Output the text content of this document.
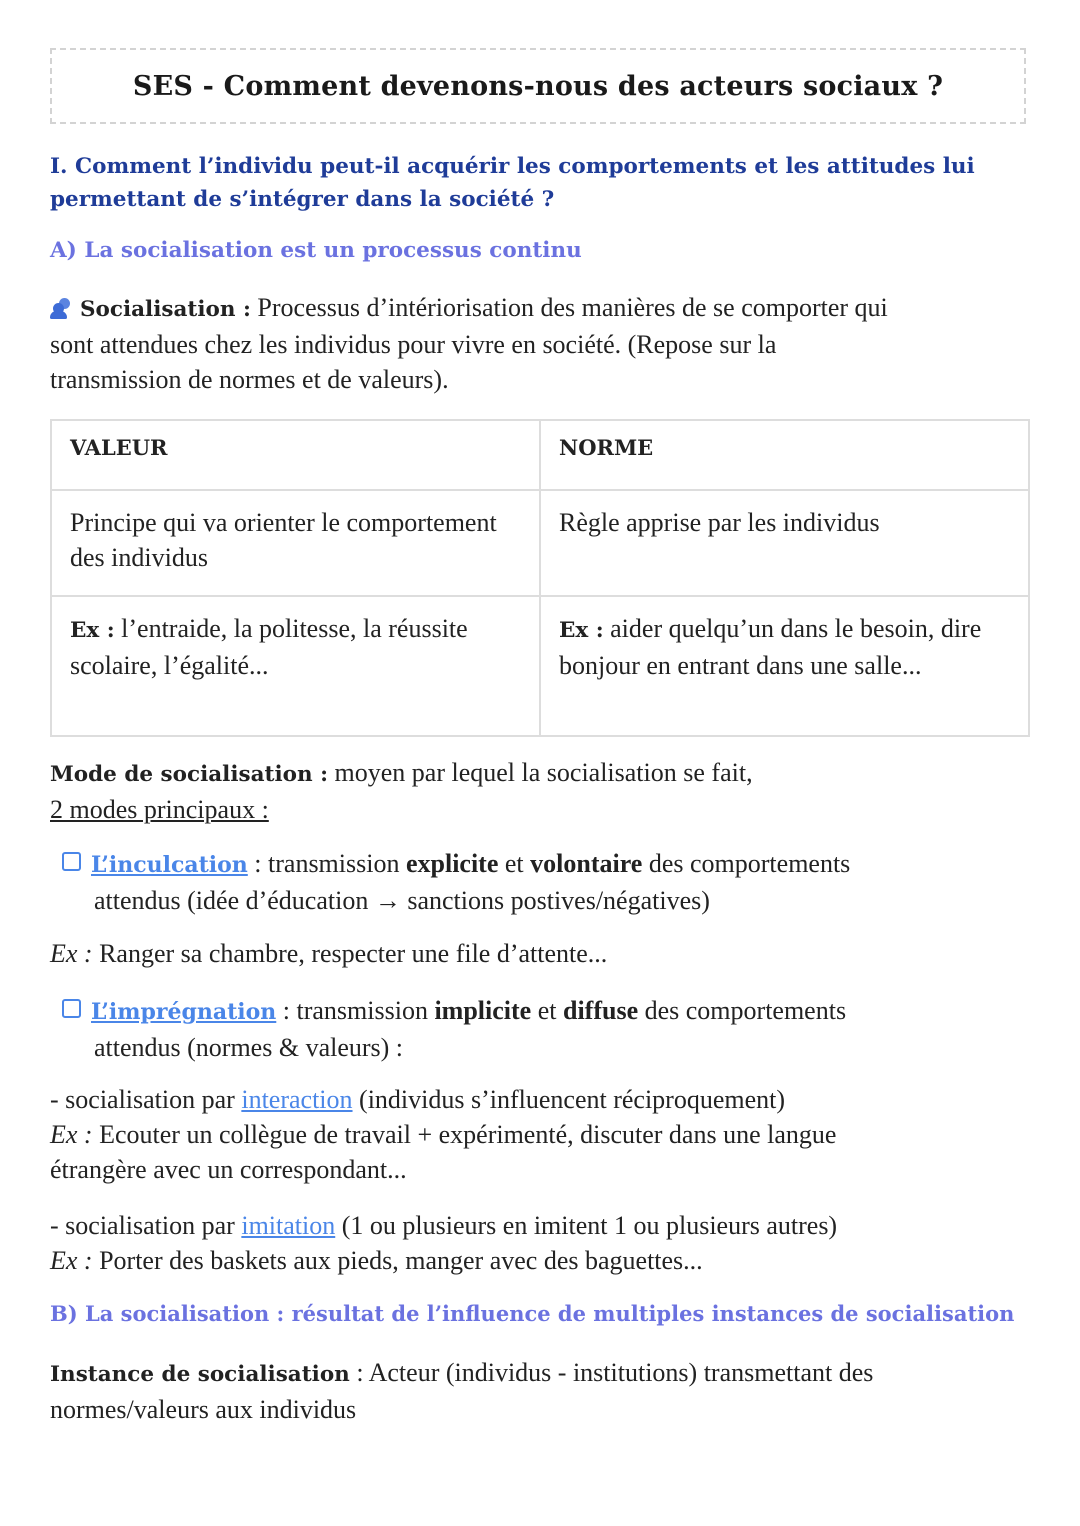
SES - Comment devenons-nous des acteurs sociaux ?
I. Comment l’individu peut-il acquérir les comportements et les attitudes lui
permettant de s’intégrer dans la société ?
A) La socialisation est un processus continu
Socialisation : Processus d’intériorisation des manières de se comporter qui
sont attendues chez les individus pour vivre en société. (Repose sur la
transmission de normes et de valeurs).
VALEUR	NORME
Principe qui va orienter le comportement des individus	Règle apprise par les individus
Ex : l’entraide, la politesse, la réussite scolaire, l’égalité...	Ex : aider quelqu’un dans le besoin, dire bonjour en entrant dans une salle...
Mode de socialisation : moyen par lequel la socialisation se fait,
2 modes principaux :
L’inculcation : transmission explicite et volontaire des comportements
attendus (idée d’éducation → sanctions postives/négatives)
Ex : Ranger sa chambre, respecter une file d’attente...
L’imprégnation : transmission implicite et diffuse des comportements
attendus (normes & valeurs) :
- socialisation par interaction (individus s’influencent réciproquement)
Ex : Ecouter un collègue de travail + expérimenté, discuter dans une langue
étrangère avec un correspondant...
- socialisation par imitation (1 ou plusieurs en imitent 1 ou plusieurs autres)
Ex : Porter des baskets aux pieds, manger avec des baguettes...
B) La socialisation : résultat de l’influence de multiples instances de socialisation
Instance de socialisation : Acteur (individus - institutions) transmettant des
normes/valeurs aux individus
